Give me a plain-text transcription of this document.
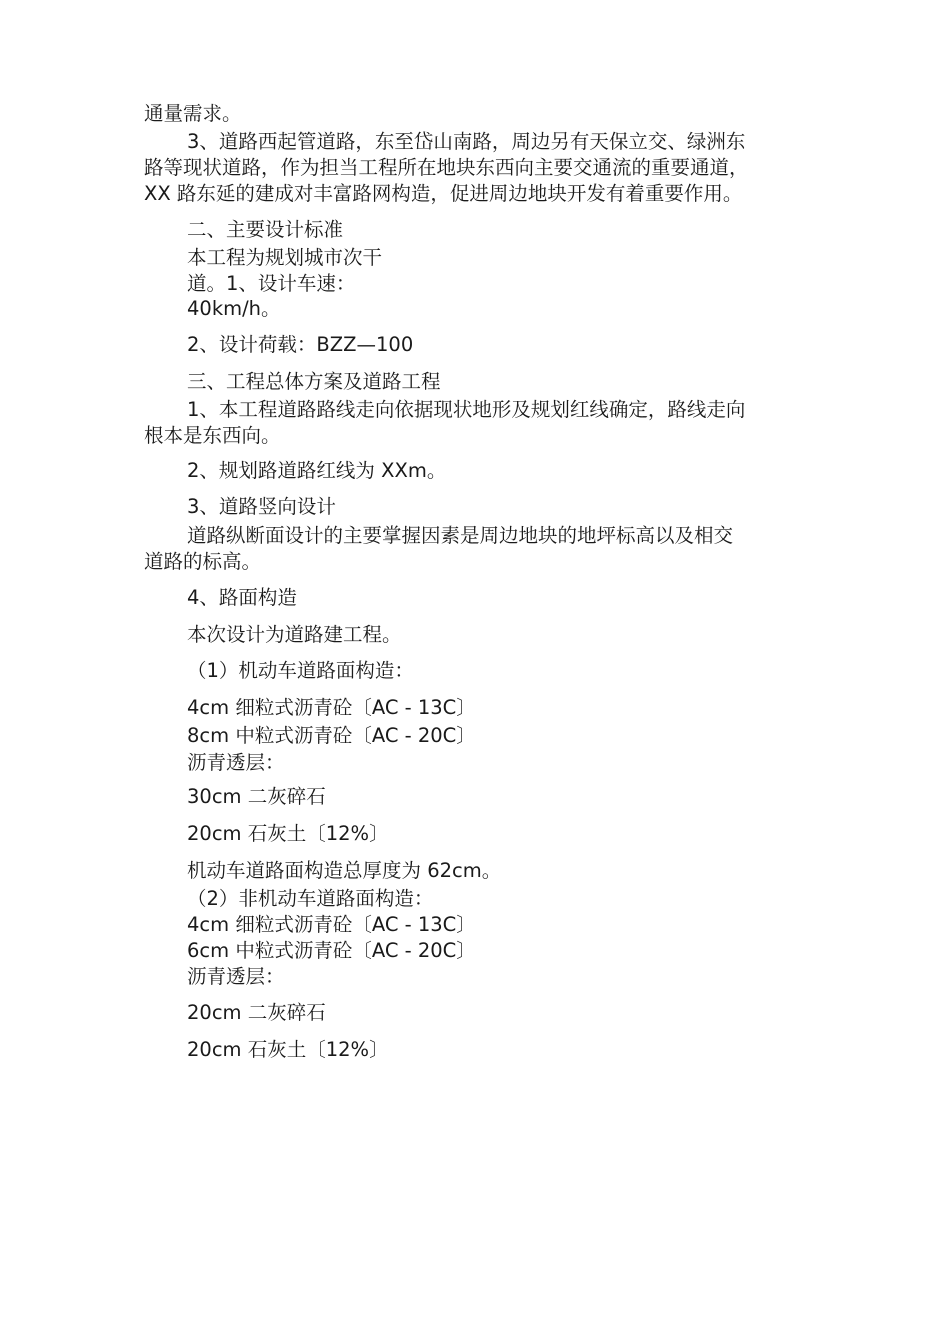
通量需求。
3、道路西起管道路，东至岱山南路，周边另有天保立交、绿洲东
路等现状道路，作为担当工程所在地块东西向主要交通流的重要通道，
XX 路东延的建成对丰富路网构造，促进周边地块开发有着重要作用。
二、主要设计标准
本工程为规划城市次干
道。1、设计车速：
40km/h。
2、设计荷载：BZZ—100
三、工程总体方案及道路工程
1、本工程道路路线走向依据现状地形及规划红线确定，路线走向
根本是东西向。
2、规划路道路红线为 XXm。
3、道路竖向设计
道路纵断面设计的主要掌握因素是周边地块的地坪标高以及相交
道路的标高。
4、路面构造
本次设计为道路建工程。
（1）机动车道路面构造：
4cm 细粒式沥青砼〔AC - 13C〕
8cm 中粒式沥青砼〔AC - 20C〕
沥青透层：
30cm 二灰碎石
20cm 石灰土〔12%〕
机动车道路面构造总厚度为 62cm。
（2）非机动车道路面构造：
4cm 细粒式沥青砼〔AC - 13C〕
6cm 中粒式沥青砼〔AC - 20C〕
沥青透层：
20cm 二灰碎石
20cm 石灰土〔12%〕
